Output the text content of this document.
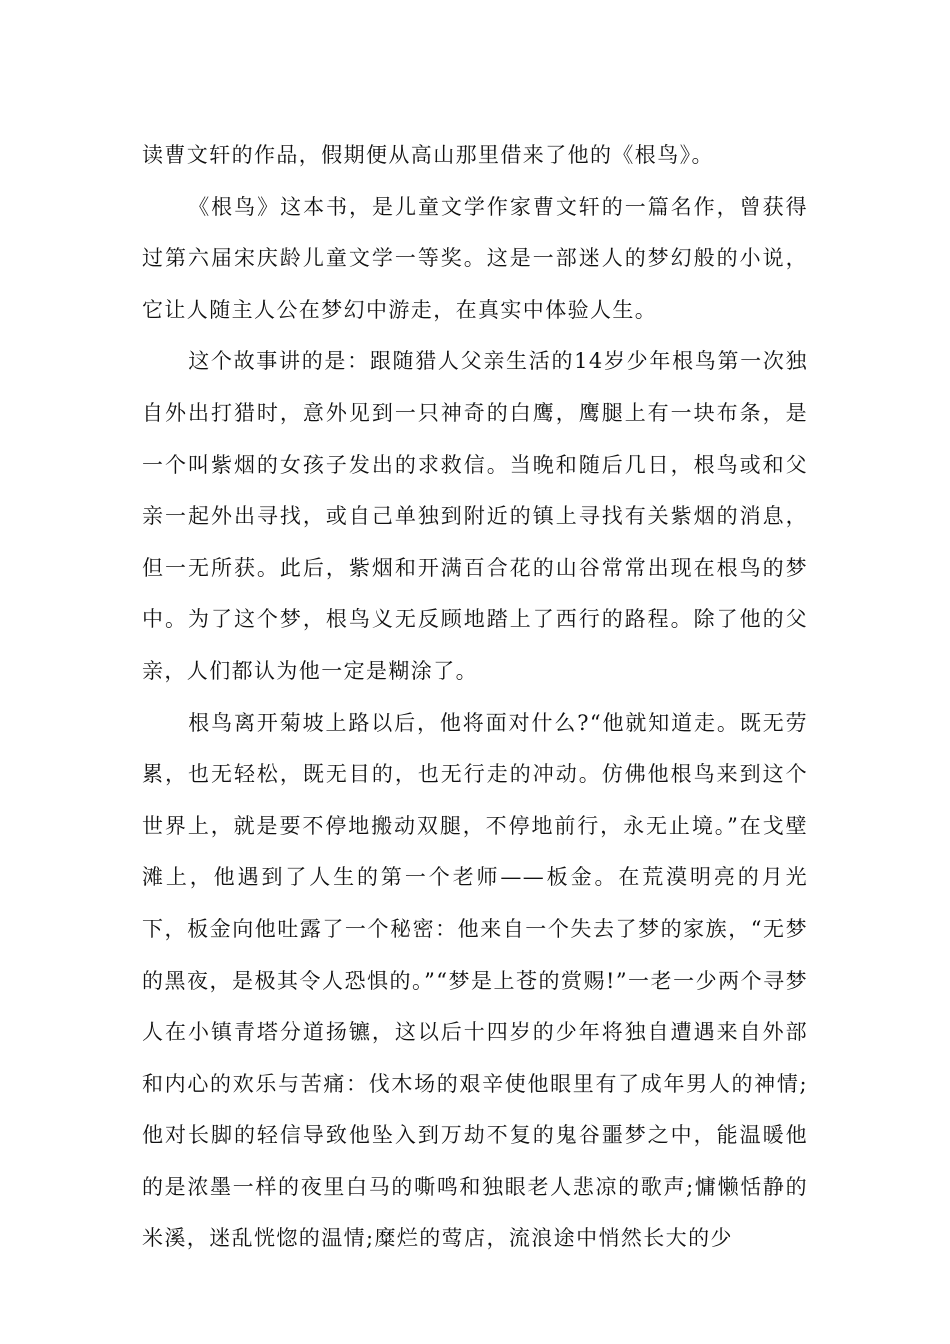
读曹文轩的作品，假期便从高山那里借来了他的《根鸟》。

《根鸟》这本书，是儿童文学作家曹文轩的一篇名作，曾获得过第六届宋庆龄儿童文学一等奖。这是一部迷人的梦幻般的小说，它让人随主人公在梦幻中游走，在真实中体验人生。

这个故事讲的是：跟随猎人父亲生活的14岁少年根鸟第一次独自外出打猎时，意外见到一只神奇的白鹰，鹰腿上有一块布条，是一个叫紫烟的女孩子发出的求救信。当晚和随后几日，根鸟或和父亲一起外出寻找，或自己单独到附近的镇上寻找有关紫烟的消息，但一无所获。此后，紫烟和开满百合花的山谷常常出现在根鸟的梦中。为了这个梦，根鸟义无反顾地踏上了西行的路程。除了他的父亲，人们都认为他一定是糊涂了。

根鸟离开菊坡上路以后，他将面对什么?“他就知道走。既无劳累，也无轻松，既无目的，也无行走的冲动。仿佛他根鸟来到这个世界上，就是要不停地搬动双腿，不停地前行，永无止境。”在戈壁滩上，他遇到了人生的第一个老师——板金。在荒漠明亮的月光下，板金向他吐露了一个秘密：他来自一个失去了梦的家族，“无梦的黑夜，是极其令人恐惧的。”“梦是上苍的赏赐!”一老一少两个寻梦人在小镇青塔分道扬镳，这以后十四岁的少年将独自遭遇来自外部和内心的欢乐与苦痛：伐木场的艰辛使他眼里有了成年男人的神情;他对长脚的轻信导致他坠入到万劫不复的鬼谷噩梦之中，能温暖他的是浓墨一样的夜里白马的嘶鸣和独眼老人悲凉的歌声;慵懒恬静的米溪，迷乱恍惚的温情;糜烂的莺店，流浪途中悄然长大的少
